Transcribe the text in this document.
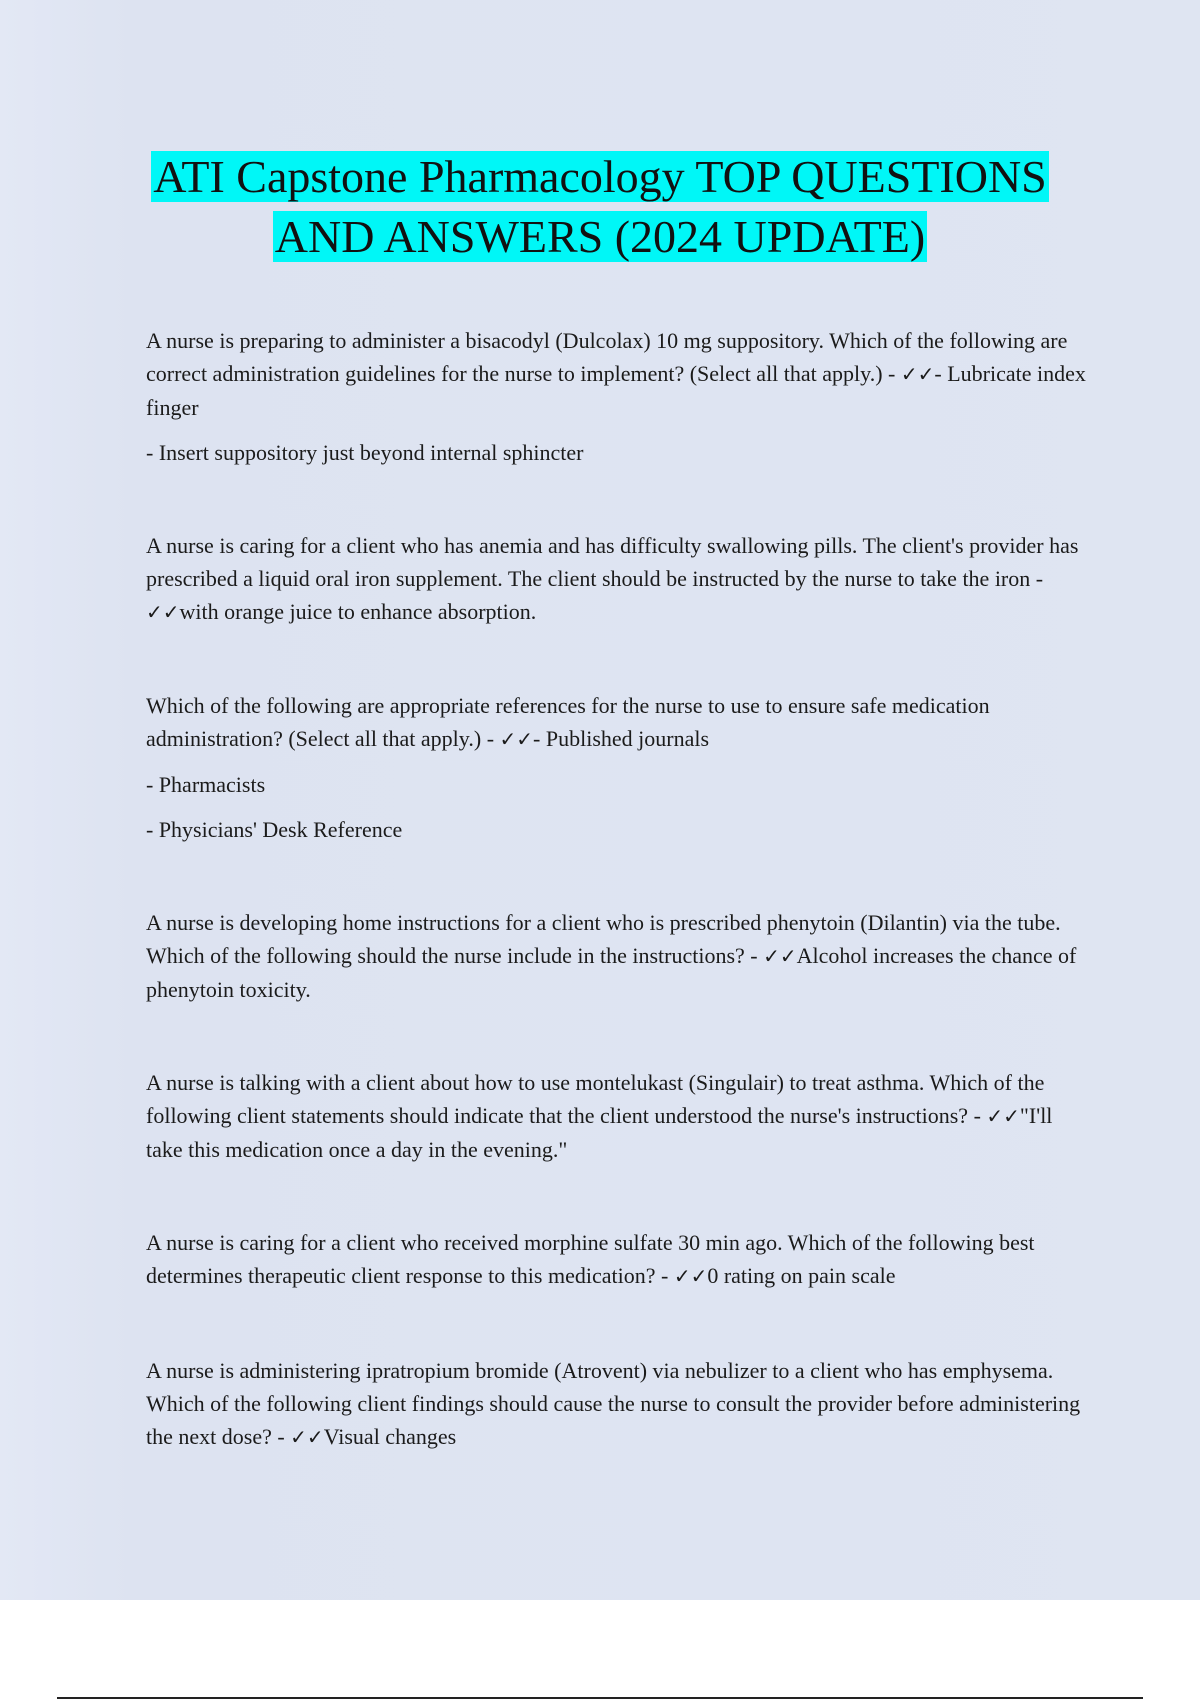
ATI Capstone Pharmacology TOP QUESTIONS
AND ANSWERS (2024 UPDATE)

A nurse is preparing to administer a bisacodyl (Dulcolax) 10 mg suppository. Which of the following are correct administration guidelines for the nurse to implement? (Select all that apply.) - ✓✓- Lubricate index finger

- Insert suppository just beyond internal sphincter

A nurse is caring for a client who has anemia and has difficulty swallowing pills. The client's provider has prescribed a liquid oral iron supplement. The client should be instructed by the nurse to take the iron - ✓✓with orange juice to enhance absorption.

Which of the following are appropriate references for the nurse to use to ensure safe medication administration? (Select all that apply.) - ✓✓- Published journals

- Pharmacists

- Physicians' Desk Reference

A nurse is developing home instructions for a client who is prescribed phenytoin (Dilantin) via the tube. Which of the following should the nurse include in the instructions? - ✓✓Alcohol increases the chance of phenytoin toxicity.

A nurse is talking with a client about how to use montelukast (Singulair) to treat asthma. Which of the following client statements should indicate that the client understood the nurse's instructions? - ✓✓"I'll take this medication once a day in the evening."

A nurse is caring for a client who received morphine sulfate 30 min ago. Which of the following best determines therapeutic client response to this medication? - ✓✓0 rating on pain scale

A nurse is administering ipratropium bromide (Atrovent) via nebulizer to a client who has emphysema. Which of the following client findings should cause the nurse to consult the provider before administering the next dose? - ✓✓Visual changes
